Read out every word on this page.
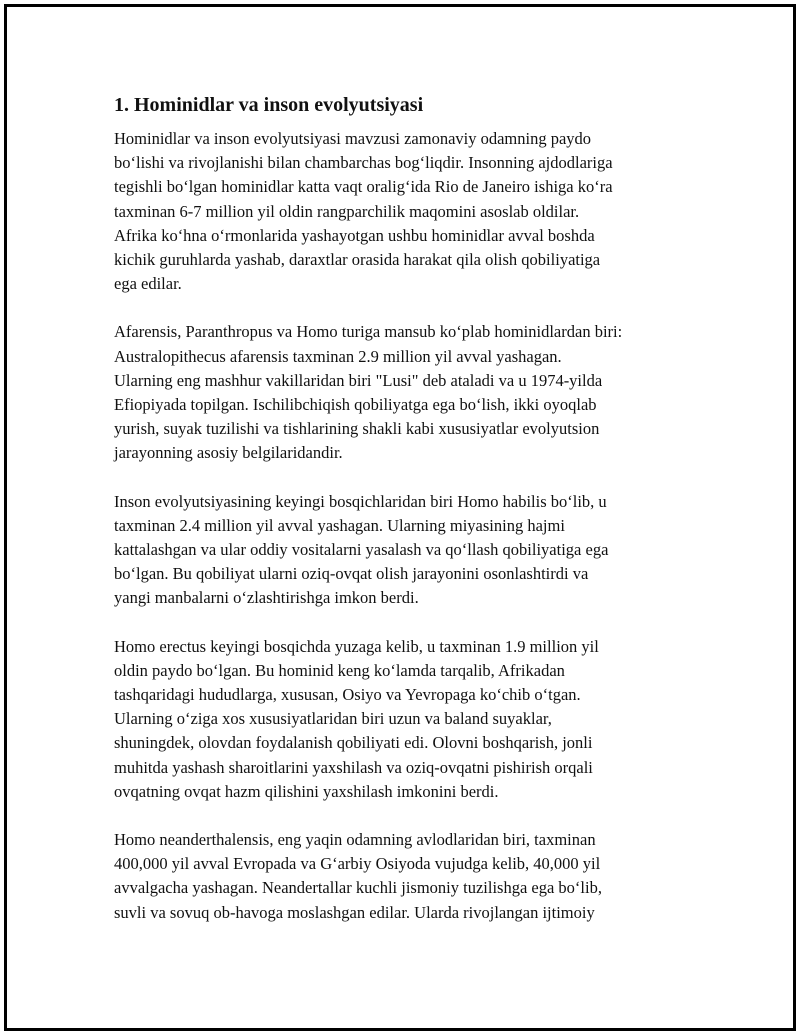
1. Hominidlar va inson evolyutsiyasi

Hominidlar va inson evolyutsiyasi mavzusi zamonaviy odamning paydo
bo‘lishi va rivojlanishi bilan chambarchas bog‘liqdir. Insonning ajdodlariga
tegishli bo‘lgan hominidlar katta vaqt oralig‘ida Rio de Janeiro ishiga ko‘ra
taxminan 6-7 million yil oldin rangparchilik maqomini asoslab oldilar.
Afrika ko‘hna o‘rmonlarida yashayotgan ushbu hominidlar avval boshda
kichik guruhlarda yashab, daraxtlar orasida harakat qila olish qobiliyatiga
ega edilar.

Afarensis, Paranthropus va Homo turiga mansub ko‘plab hominidlardan biri:
Australopithecus afarensis taxminan 2.9 million yil avval yashagan.
Ularning eng mashhur vakillaridan biri "Lusi" deb ataladi va u 1974-yilda
Efiopiyada topilgan. Ischilibchiqish qobiliyatga ega bo‘lish, ikki oyoqlab
yurish, suyak tuzilishi va tishlarining shakli kabi xususiyatlar evolyutsion
jarayonning asosiy belgilaridandir.

Inson evolyutsiyasining keyingi bosqichlaridan biri Homo habilis bo‘lib, u
taxminan 2.4 million yil avval yashagan. Ularning miyasining hajmi
kattalashgan va ular oddiy vositalarni yasalash va qo‘llash qobiliyatiga ega
bo‘lgan. Bu qobiliyat ularni oziq-ovqat olish jarayonini osonlashtirdi va
yangi manbalarni o‘zlashtirishga imkon berdi.

Homo erectus keyingi bosqichda yuzaga kelib, u taxminan 1.9 million yil
oldin paydo bo‘lgan. Bu hominid keng ko‘lamda tarqalib, Afrikadan
tashqaridagi hududlarga, xususan, Osiyo va Yevropaga ko‘chib o‘tgan.
Ularning o‘ziga xos xususiyatlaridan biri uzun va baland suyaklar,
shuningdek, olovdan foydalanish qobiliyati edi. Olovni boshqarish, jonli
muhitda yashash sharoitlarini yaxshilash va oziq-ovqatni pishirish orqali
ovqatning ovqat hazm qilishini yaxshilash imkonini berdi.

Homo neanderthalensis, eng yaqin odamning avlodlaridan biri, taxminan
400,000 yil avval Evropada va G‘arbiy Osiyoda vujudga kelib, 40,000 yil
avvalgacha yashagan. Neandertallar kuchli jismoniy tuzilishga ega bo‘lib,
suvli va sovuq ob-havoga moslashgan edilar. Ularda rivojlangan ijtimoiy
